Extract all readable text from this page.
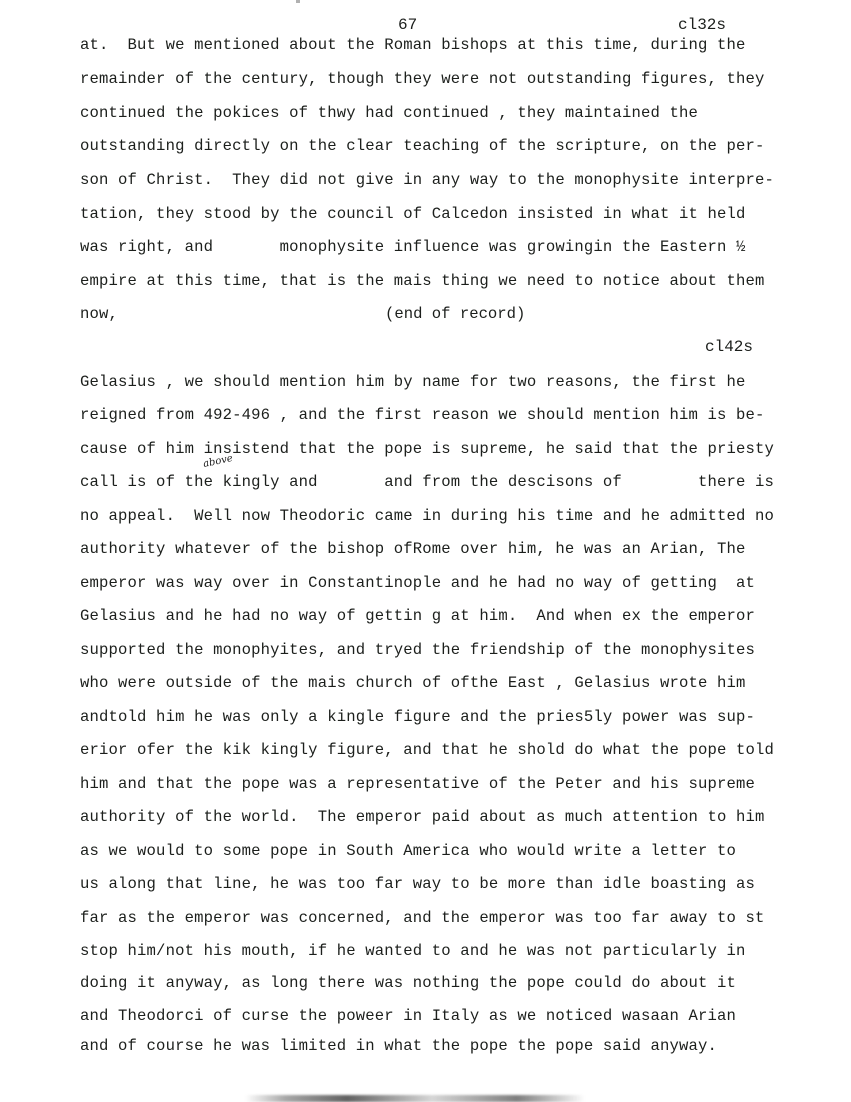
67	cl32s
at.  But we mentioned about the Roman bishops at this time, during the
remainder of the century, though they were not outstanding figures, they
continued the pokices of thwy had continued , they maintained the
outstanding directly on the clear teaching of the scripture, on the per-
son of Christ.  They did not give in any way to the monophysite interpre-
tation, they stood by the council of Calcedon insisted in what it held
was right, and       monophysite influence was growingin the Eastern ½
empire at this time, that is the mais thing we need to notice about them
now,	(end of record)
cl42s
Gelasius , we should mention him by name for two reasons, the first he
reigned from 492-496 , and the first reason we should mention him is be-
cause of him insistend that the pope is supreme, he said that the priesty
above
call is of the kingly and       and from the descisons of        there is
no appeal.  Well now Theodoric came in during his time and he admitted no
authority whatever of the bishop ofRome over him, he was an Arian, The
emperor was way over in Constantinople and he had no way of getting  at
Gelasius and he had no way of gettin g at him.  And when ex the emperor
supported the monophyites, and tryed the friendship of the monophysites
who were outside of the mais church of ofthe East , Gelasius wrote him
andtold him he was only a kingle figure and the pries5ly power was sup-
erior ofer the kik kingly figure, and that he shold do what the pope told
him and that the pope was a representative of the Peter and his supreme
authority of the world.  The emperor paid about as much attention to him
as we would to some pope in South America who would write a letter to
us along that line, he was too far way to be more than idle boasting as
far as the emperor was concerned, and the emperor was too far away to st
stop him/not his mouth, if he wanted to and he was not particularly in
doing it anyway, as long there was nothing the pope could do about it
and Theodorci of curse the poweer in Italy as we noticed wasaan Arian
and of course he was limited in what the pope the pope said anyway.
